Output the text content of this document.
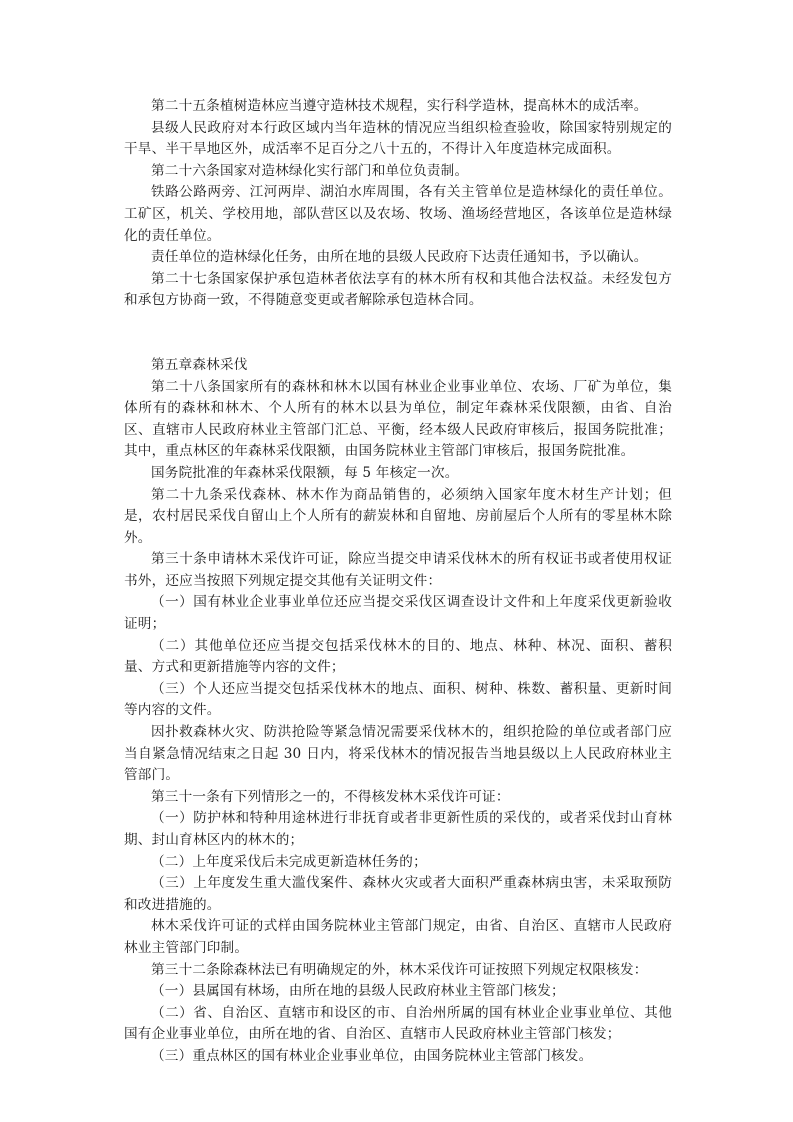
第二十五条植树造林应当遵守造林技术规程，实行科学造林，提高林木的成活率。

县级人民政府对本行政区域内当年造林的情况应当组织检查验收，除国家特别规定的干旱、半干旱地区外，成活率不足百分之八十五的，不得计入年度造林完成面积。

第二十六条国家对造林绿化实行部门和单位负责制。

铁路公路两旁、江河两岸、湖泊水库周围，各有关主管单位是造林绿化的责任单位。工矿区，机关、学校用地，部队营区以及农场、牧场、渔场经营地区，各该单位是造林绿化的责任单位。

责任单位的造林绿化任务，由所在地的县级人民政府下达责任通知书，予以确认。

第二十七条国家保护承包造林者依法享有的林木所有权和其他合法权益。未经发包方和承包方协商一致，不得随意变更或者解除承包造林合同。

第五章森林采伐

第二十八条国家所有的森林和林木以国有林业企业事业单位、农场、厂矿为单位，集体所有的森林和林木、个人所有的林木以县为单位，制定年森林采伐限额，由省、自治区、直辖市人民政府林业主管部门汇总、平衡，经本级人民政府审核后，报国务院批准；其中，重点林区的年森林采伐限额，由国务院林业主管部门审核后，报国务院批准。

国务院批准的年森林采伐限额，每 5 年核定一次。

第二十九条采伐森林、林木作为商品销售的，必须纳入国家年度木材生产计划；但是，农村居民采伐自留山上个人所有的薪炭林和自留地、房前屋后个人所有的零星林木除外。

第三十条申请林木采伐许可证，除应当提交申请采伐林木的所有权证书或者使用权证书外，还应当按照下列规定提交其他有关证明文件：

（一）国有林业企业事业单位还应当提交采伐区调查设计文件和上年度采伐更新验收证明；

（二）其他单位还应当提交包括采伐林木的目的、地点、林种、林况、面积、蓄积量、方式和更新措施等内容的文件；

（三）个人还应当提交包括采伐林木的地点、面积、树种、株数、蓄积量、更新时间等内容的文件。

因扑救森林火灾、防洪抢险等紧急情况需要采伐林木的，组织抢险的单位或者部门应当自紧急情况结束之日起 30 日内，将采伐林木的情况报告当地县级以上人民政府林业主管部门。

第三十一条有下列情形之一的，不得核发林木采伐许可证：

（一）防护林和特种用途林进行非抚育或者非更新性质的采伐的，或者采伐封山育林期、封山育林区内的林木的；

（二）上年度采伐后未完成更新造林任务的；

（三）上年度发生重大滥伐案件、森林火灾或者大面积严重森林病虫害，未采取预防和改进措施的。

林木采伐许可证的式样由国务院林业主管部门规定，由省、自治区、直辖市人民政府林业主管部门印制。

第三十二条除森林法已有明确规定的外，林木采伐许可证按照下列规定权限核发：

（一）县属国有林场，由所在地的县级人民政府林业主管部门核发；

（二）省、自治区、直辖市和设区的市、自治州所属的国有林业企业事业单位、其他国有企业事业单位，由所在地的省、自治区、直辖市人民政府林业主管部门核发；

（三）重点林区的国有林业企业事业单位，由国务院林业主管部门核发。
